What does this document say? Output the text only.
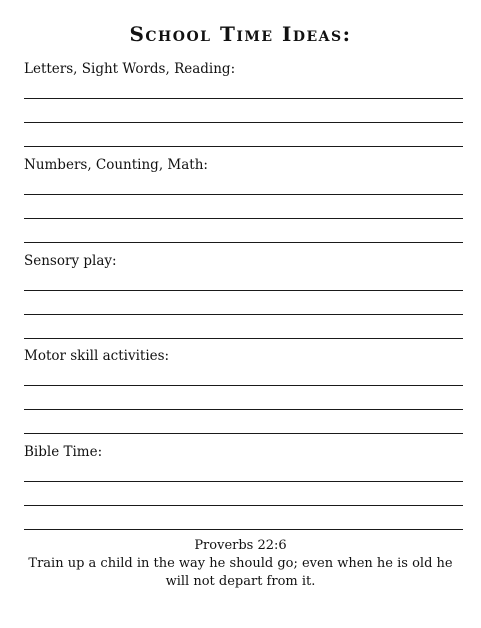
School Time Ideas:
Letters, Sight Words, Reading:
Numbers, Counting, Math:
Sensory play:
Motor skill activities:
Bible Time:
Proverbs 22:6
Train up a child in the way he should go; even when he is old he will not depart from it.
